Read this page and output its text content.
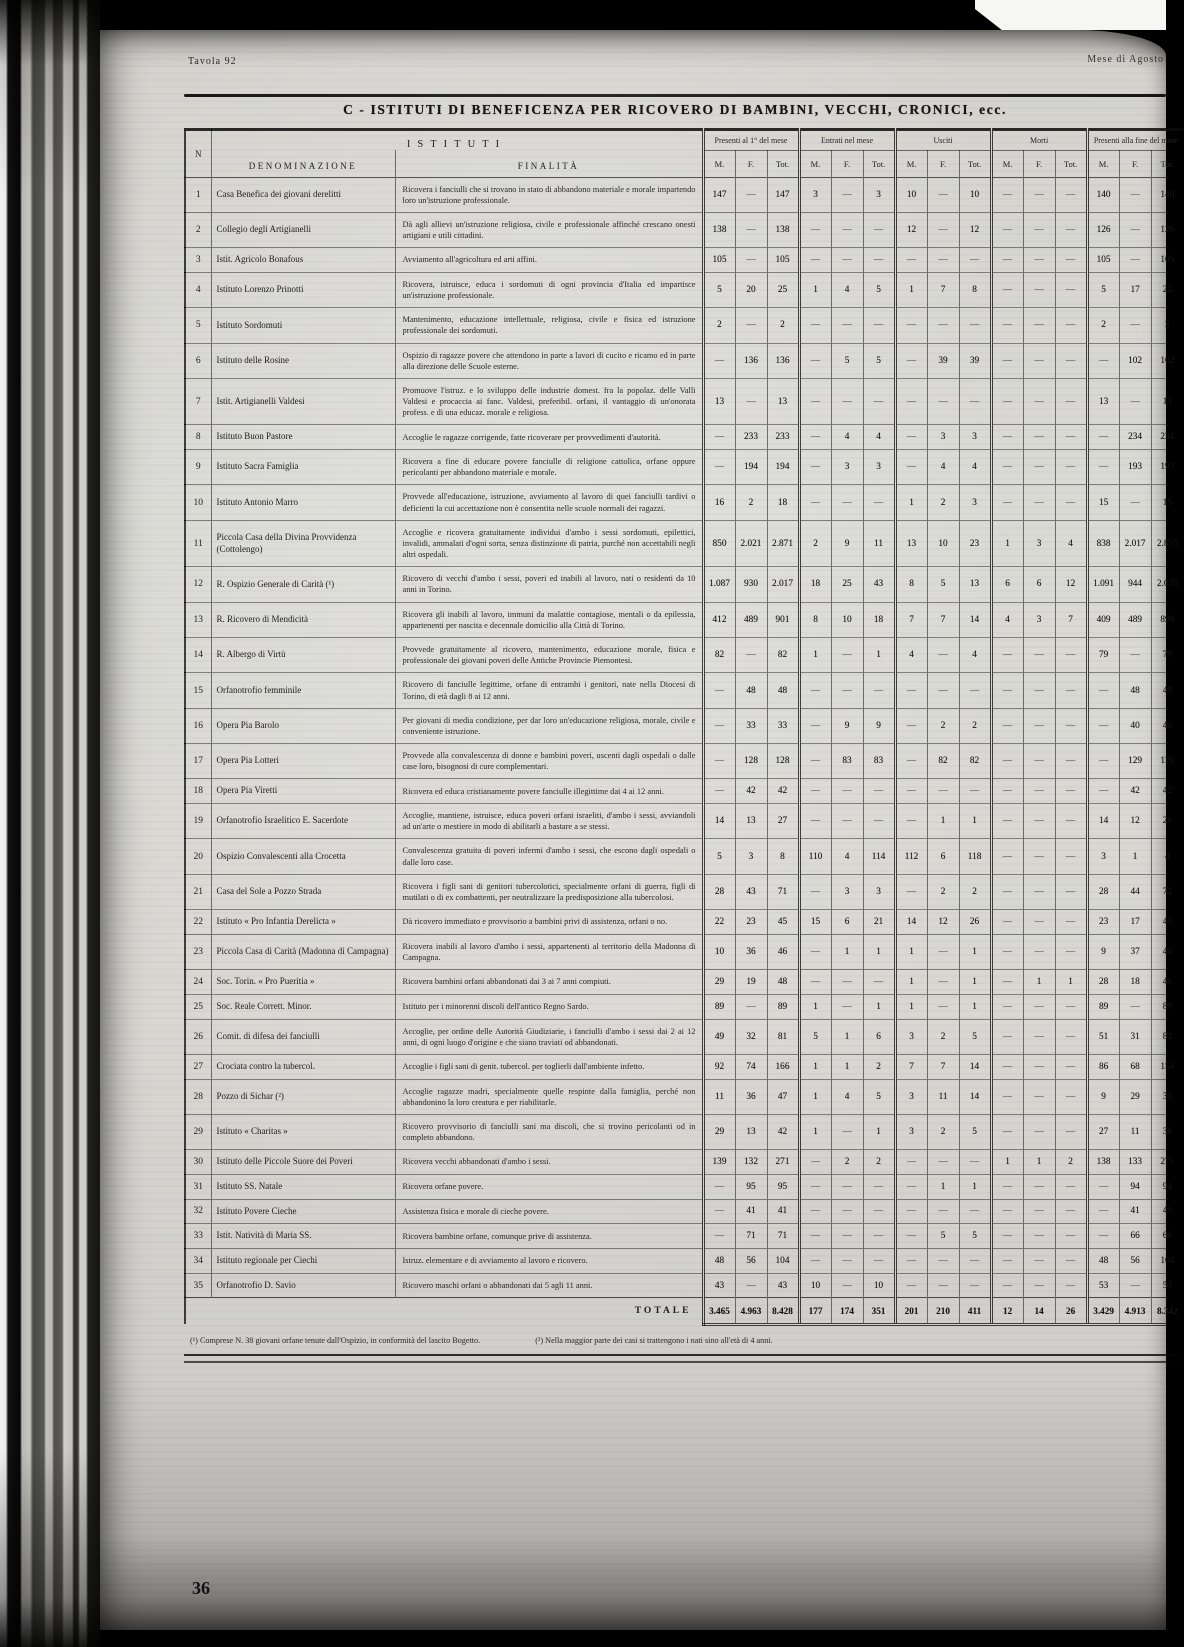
Tavola 92	Mese di Agosto
C - ISTITUTI DI BENEFICENZA PER RICOVERO DI BAMBINI, VECCHI, CRONICI, ecc.
N	ISTITUTI		Presenti al 1° del mese			Entrati nel mese			Usciti			Morti			Presenti alla fine del mese		
	DENOMINAZIONE	FINALITÀ	M.	F.	Tot.	M.	F.	Tot.	M.	F.	Tot.	M.	F.	Tot.	M.	F.	Tot.
1	Casa Benefica dei giovani derelitti	Ricovera i fanciulli che si trovano in stato di abbandono materiale e morale impartendo loro un'istruzione professionale.	147	—	147	3	—	3	10	—	10	—	—	—	140	—	140
2	Collegio degli Artigianelli	Dà agli allievi un'istruzione religiosa, civile e professionale affinché crescano onesti artigiani e utili cittadini.	138	—	138	—	—	—	12	—	12	—	—	—	126	—	126
3	Istit. Agricolo Bonafous	Avviamento all'agricoltura ed arti affini.	105	—	105	—	—	—	—	—	—	—	—	—	105	—	105
4	Istituto Lorenzo Prinotti	Ricovera, istruisce, educa i sordomuti di ogni provincia d'Italia ed impartisce un'istruzione professionale.	5	20	25	1	4	5	1	7	8	—	—	—	5	17	22
5	Istituto Sordomuti	Mantenimento, educazione intellettuale, religiosa, civile e fisica ed istruzione professionale dei sordomuti.	2	—	2	—	—	—	—	—	—	—	—	—	2	—	2
6	Istituto delle Rosine	Ospizio di ragazze povere che attendono in parte a lavori di cucito e ricamo ed in parte alla direzione delle Scuole esterne.	—	136	136	—	5	5	—	39	39	—	—	—	—	102	102
7	Istit. Artigianelli Valdesi	Promuove l'istruz. e lo sviluppo delle industrie domest. fra la popolaz. delle Valli Valdesi e procaccia ai fanc. Valdesi, preferibil. orfani, il vantaggio di un'onorata profess. e di una educaz. morale e religiosa.	13	—	13	—	—	—	—	—	—	—	—	—	13	—	13
8	Istituto Buon Pastore	Accoglie le ragazze corrigende, fatte ricoverare per provvedimenti d'autorità.	—	233	233	—	4	4	—	3	3	—	—	—	—	234	234
9	Istituto Sacra Famiglia	Ricovera a fine di educare povere fanciulle di religione cattolica, orfane oppure pericolanti per abbandono materiale e morale.	—	194	194	—	3	3	—	4	4	—	—	—	—	193	193
10	Istituto Antonio Marro	Provvede all'educazione, istruzione, avviamento al lavoro di quei fanciulli tardivi o deficienti la cui accettazione non è consentita nelle scuole normali dei ragazzi.	16	2	18	—	—	—	1	2	3	—	—	—	15	—	15
11	Piccola Casa della Divina Provvidenza (Cottolengo)	Accoglie e ricovera gratuitamente individui d'ambo i sessi sordomuti, epilettici, invalidi, ammalati d'ogni sorta, senza distinzione di patria, purché non accettabili negli altri ospedali.	850	2.021	2.871	2	9	11	13	10	23	1	3	4	838	2.017	2.855
12	R. Ospizio Generale di Carità (¹)	Ricovero di vecchi d'ambo i sessi, poveri ed inabili al lavoro, nati o residenti da 10 anni in Torino.	1.087	930	2.017	18	25	43	8	5	13	6	6	12	1.091	944	2.035
13	R. Ricovero di Mendicità	Ricovera gli inabili al lavoro, immuni da malattie contagiose, mentali o da epilessia, appartenenti per nascita e decennale domicilio alla Città di Torino.	412	489	901	8	10	18	7	7	14	4	3	7	409	489	898
14	R. Albergo di Virtù	Provvede gratuitamente al ricovero, mantenimento, educazione morale, fisica e professionale dei giovani poveri delle Antiche Provincie Piemontesi.	82	—	82	1	—	1	4	—	4	—	—	—	79	—	79
15	Orfanotrofio femminile	Ricovero di fanciulle legittime, orfane di entrambi i genitori, nate nella Diocesi di Torino, di età dagli 8 ai 12 anni.	—	48	48	—	—	—	—	—	—	—	—	—	—	48	48
16	Opera Pia Barolo	Per giovani di media condizione, per dar loro un'educazione religiosa, morale, civile e conveniente istruzione.	—	33	33	—	9	9	—	2	2	—	—	—	—	40	40
17	Opera Pia Lotteri	Provvede alla convalescenza di donne e bambini poveri, uscenti dagli ospedali o dalle case loro, bisognosi di cure complementari.	—	128	128	—	83	83	—	82	82	—	—	—	—	129	129
18	Opera Pia Viretti	Ricovera ed educa cristianamente povere fanciulle illegittime dai 4 ai 12 anni.	—	42	42	—	—	—	—	—	—	—	—	—	—	42	42
19	Orfanotrofio Israelitico E. Sacerdote	Accoglie, mantiene, istruisce, educa poveri orfani israeliti, d'ambo i sessi, avviandoli ad un'arte o mestiere in modo di abilitarli a bastare a se stessi.	14	13	27	—	—	—	—	1	1	—	—	—	14	12	26
20	Ospizio Convalescenti alla Crocetta	Convalescenza gratuita di poveri infermi d'ambo i sessi, che escono dagli ospedali o dalle loro case.	5	3	8	110	4	114	112	6	118	—	—	—	3	1	4
21	Casa del Sole a Pozzo Strada	Ricovera i figli sani di genitori tubercolotici, specialmente orfani di guerra, figli di mutilati o di ex combattenti, per neutralizzare la predisposizione alla tubercolosi.	28	43	71	—	3	3	—	2	2	—	—	—	28	44	72
22	Istituto « Pro Infantia Derelicta »	Dà ricovero immediato e provvisorio a bambini privi di assistenza, orfani o no.	22	23	45	15	6	21	14	12	26	—	—	—	23	17	40
23	Piccola Casa di Carità (Madonna di Campagna)	Ricovera inabili al lavoro d'ambo i sessi, appartenenti al territorio della Madonna di Campagna.	10	36	46	—	1	1	1	—	1	—	—	—	9	37	46
24	Soc. Torin. « Pro Pueritia »	Ricovera bambini orfani abbandonati dai 3 ai 7 anni compiuti.	29	19	48	—	—	—	1	—	1	—	1	1	28	18	46
25	Soc. Reale Corrett. Minor.	Istituto per i minorenni discoli dell'antico Regno Sardo.	89	—	89	1	—	1	1	—	1	—	—	—	89	—	89
26	Comit. di difesa dei fanciulli	Accoglie, per ordine delle Autorità Giudiziarie, i fanciulli d'ambo i sessi dai 2 ai 12 anni, di ogni luogo d'origine e che siano traviati od abbandonati.	49	32	81	5	1	6	3	2	5	—	—	—	51	31	82
27	Crociata contro la tubercol.	Accoglie i figli sani di genit. tubercol. per toglierli dall'ambiente infetto.	92	74	166	1	1	2	7	7	14	—	—	—	86	68	154
28	Pozzo di Sichar (²)	Accoglie ragazze madri, specialmente quelle respinte dalla famiglia, perché non abbandonino la loro creatura e per riabilitarle.	11	36	47	1	4	5	3	11	14	—	—	—	9	29	38
29	Istituto « Charitas »	Ricovero provvisorio di fanciulli sani ma discoli, che si trovino pericolanti od in completo abbandono.	29	13	42	1	—	1	3	2	5	—	—	—	27	11	38
30	Istituto delle Piccole Suore dei Poveri	Ricovera vecchi abbandonati d'ambo i sessi.	139	132	271	—	2	2	—	—	—	1	1	2	138	133	271
31	Istituto SS. Natale	Ricovera orfane povere.	—	95	95	—	—	—	—	1	1	—	—	—	—	94	94
32	Istituto Povere Cieche	Assistenza fisica e morale di cieche povere.	—	41	41	—	—	—	—	—	—	—	—	—	—	41	41
33	Istit. Natività di Maria SS.	Ricovera bambine orfane, comunque prive di assistenza.	—	71	71	—	—	—	—	5	5	—	—	—	—	66	66
34	Istituto regionale per Ciechi	Istruz. elementare e di avviamento al lavoro e ricovero.	48	56	104	—	—	—	—	—	—	—	—	—	48	56	104
35	Orfanotrofio D. Savio	Ricovero maschi orfani o abbandonati dai 5 agli 11 anni.	43	—	43	10	—	10	—	—	—	—	—	—	53	—	53
TOTALE			3.465	4.963	8.428	177	174	351	201	210	411	12	14	26	3.429	4.913	8.342
(¹) Comprese N. 38 giovani orfane tenute dall'Ospizio, in conformità del lascito Bogetto.	(²) Nella maggior parte dei casi si trattengono i nati sino all'età di 4 anni.
36
